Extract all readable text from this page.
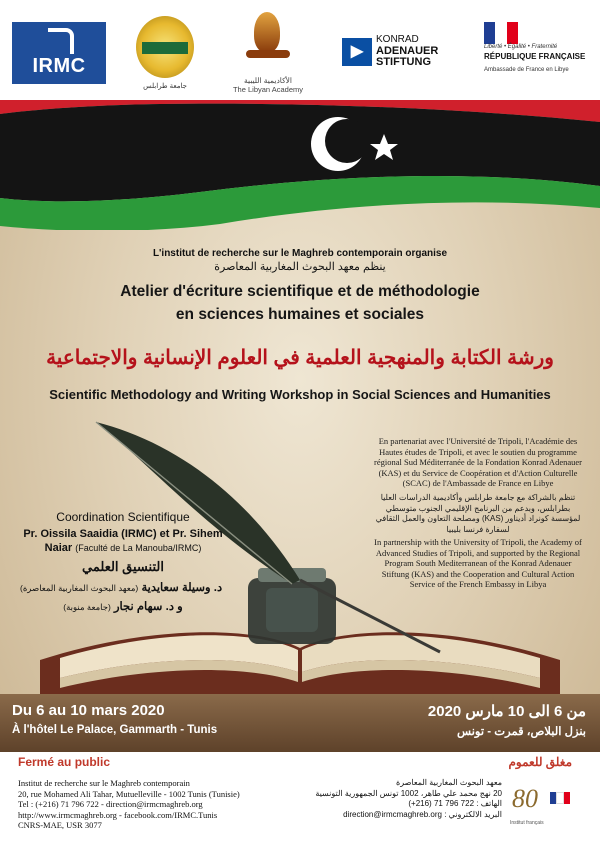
IRMC
جامعة طرابلس
الأكاديمية الليبية
The Libyan Academy
▶
KONRAD
ADENAUER
STIFTUNG
Liberté • Égalité • Fraternité
RÉPUBLIQUE FRANÇAISE
Ambassade de France en Libye
L'institut de recherche sur le Maghreb contemporain organise
ينظم معهد البحوث المغاربية المعاصرة
Atelier d'écriture scientifique et de méthodologie
en sciences humaines et sociales
ورشة الكتابة والمنهجية العلمية في العلوم الإنسانية والاجتماعية
Scientific Methodology and Writing Workshop in Social Sciences and Humanities
En partenariat avec l'Université de Tripoli, l'Académie des Hautes études de Tripoli, et avec le soutien du programme régional Sud Méditerranée de la Fondation Konrad Adenauer (KAS) et du Service de Coopération et d'Action Culturelle (SCAC) de l'Ambassade de France en Libye
تنظم بالشراكة مع جامعة طرابلس وأكاديمية الدراسات العليا بطرابلس، وبدعم من البرنامج الإقليمي الجنوب متوسطي لمؤسسة كونراد أديناور (KAS) ومصلحة التعاون والعمل الثقافي لسفارة فرنسا بليبيا
In partnership with the University of Tripoli, the Academy of Advanced Studies of Tripoli, and supported by the Regional Program South Mediterranean of the Konrad Adenauer Stiftung (KAS) and the Cooperation and Cultural Action Service of the French Embassy in Libya
Coordination Scientifique
Pr. Oissila Saaidia (IRMC) et Pr. Sihem Naiar (Faculté de La Manouba/IRMC)
التنسيق العلمي
د. وسيلة سعايدية (معهد البحوث المغاربية المعاصرة)
و د. سهام نجار (جامعة منوبة)
Du 6 au 10 mars 2020
À l'hôtel Le Palace, Gammarth - Tunis
من 6 الى 10 مارس 2020
بنزل البلاص، قمرت - تونس
Fermé au public	مغلق للعموم
Institut de recherche sur le Maghreb contemporain
20, rue Mohamed Ali Tahar, Mutuelleville - 1002 Tunis (Tunisie)
Tel : (+216) 71 796 722 - direction@irmcmaghreb.org
http://www.irmcmaghreb.org - facebook.com/IRMC.Tunis
CNRS-MAE, USR 3077
معهد البحوث المغاربية المعاصرة
20 نهج محمد علي طاهر، 1002 تونس الجمهورية التونسية
الهاتف : 722 796 71 (216+)
البريد الالكتروني : direction@irmcmaghreb.org
80
Institut français
